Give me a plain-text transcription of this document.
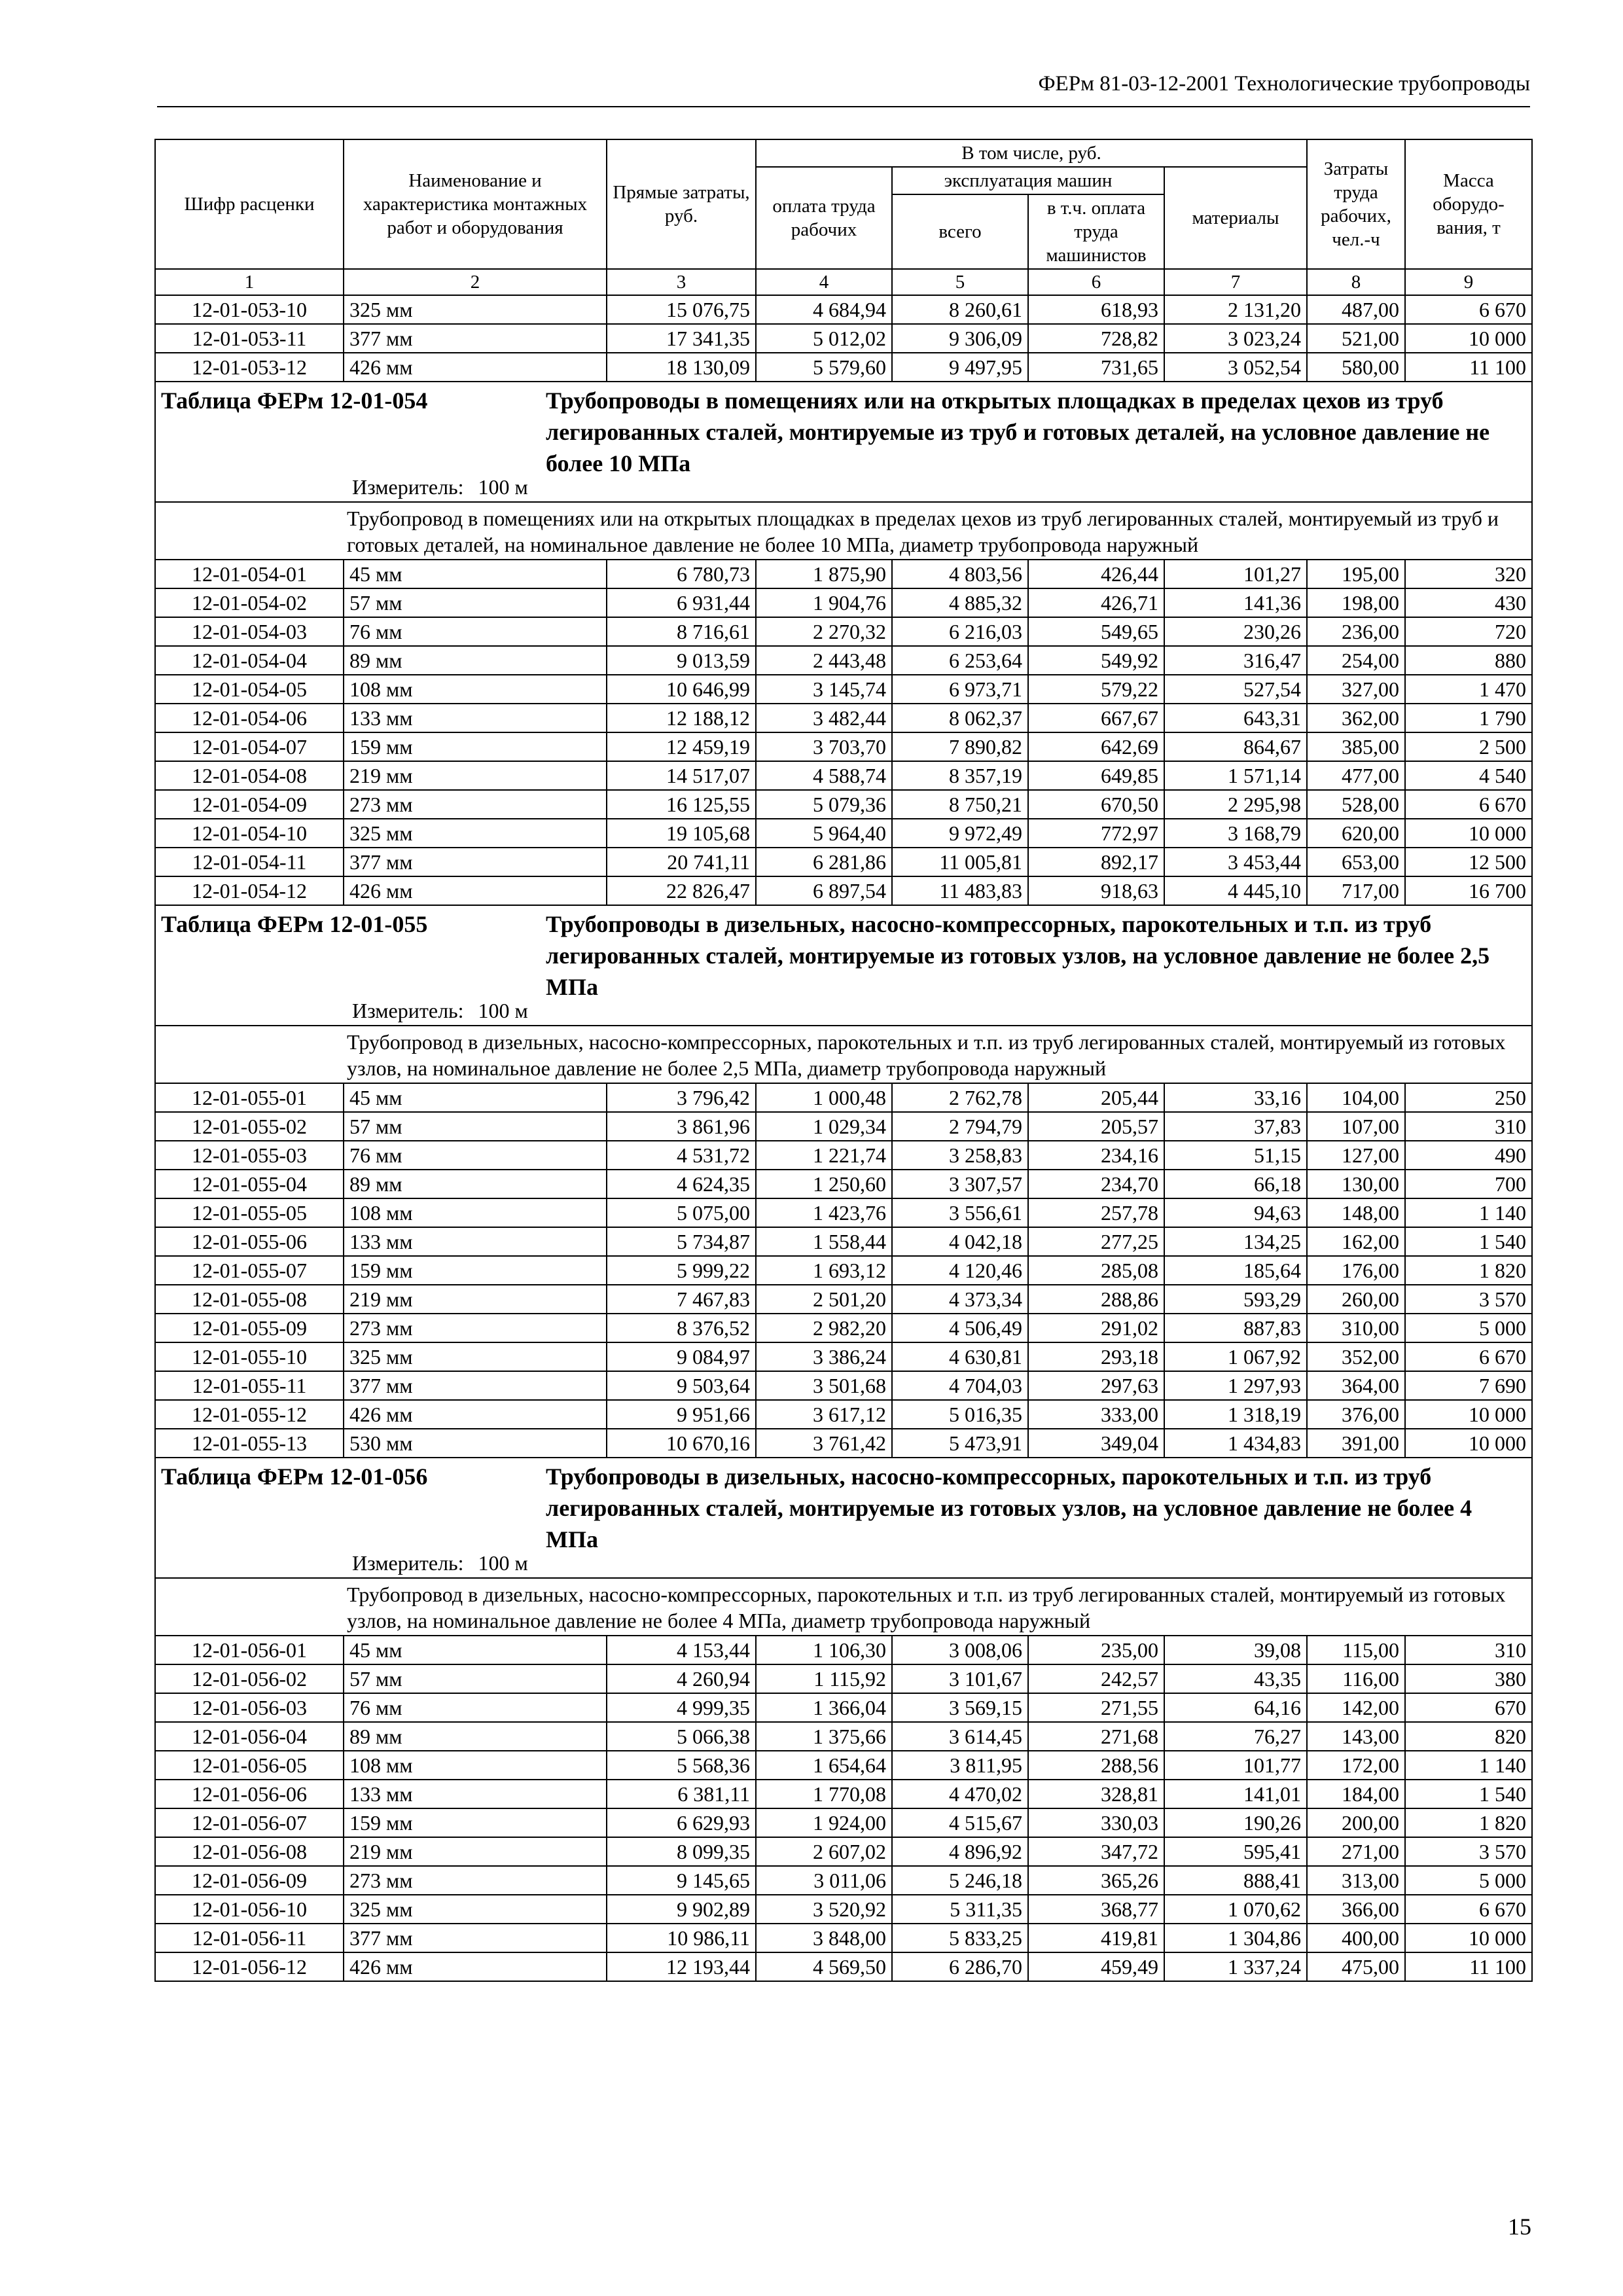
ФЕРм 81-03-12-2001 Технологические трубопроводы
Шифр расценки	Наименование и характеристика монтажных работ и оборудования	Прямые затраты, руб.	В том числе, руб.				Затраты труда рабочих, чел.-ч	Масса оборудо-вания, т
			оплата труда рабочих	эксплуатация машин		материалы		
				всего	в т.ч. оплата труда машинистов			
1	2	3	4	5	6	7	8	9
12-01-053-10	325 мм	15 076,75	4 684,94	8 260,61	618,93	2 131,20	487,00	6 670
12-01-053-11	377 мм	17 341,35	5 012,02	9 306,09	728,82	3 023,24	521,00	10 000
12-01-053-12	426 мм	18 130,09	5 579,60	9 497,95	731,65	3 052,54	580,00	11 100

Таблица ФЕРм 12-01-054 Трубопроводы в помещениях или на открытых площадках в пределах цехов из труб легированных сталей, монтируемые из труб и готовых деталей, на условное давление не более 10 МПа
Измеритель: 100 м								

Трубопровод в помещениях или на открытых площадках в пределах цехов из труб легированных сталей, монтируемый из труб и готовых деталей, на номинальное давление не более 10 МПа, диаметр трубопровода наружный								
12-01-054-01	45 мм	6 780,73	1 875,90	4 803,56	426,44	101,27	195,00	320
12-01-054-02	57 мм	6 931,44	1 904,76	4 885,32	426,71	141,36	198,00	430
12-01-054-03	76 мм	8 716,61	2 270,32	6 216,03	549,65	230,26	236,00	720
12-01-054-04	89 мм	9 013,59	2 443,48	6 253,64	549,92	316,47	254,00	880
12-01-054-05	108 мм	10 646,99	3 145,74	6 973,71	579,22	527,54	327,00	1 470
12-01-054-06	133 мм	12 188,12	3 482,44	8 062,37	667,67	643,31	362,00	1 790
12-01-054-07	159 мм	12 459,19	3 703,70	7 890,82	642,69	864,67	385,00	2 500
12-01-054-08	219 мм	14 517,07	4 588,74	8 357,19	649,85	1 571,14	477,00	4 540
12-01-054-09	273 мм	16 125,55	5 079,36	8 750,21	670,50	2 295,98	528,00	6 670
12-01-054-10	325 мм	19 105,68	5 964,40	9 972,49	772,97	3 168,79	620,00	10 000
12-01-054-11	377 мм	20 741,11	6 281,86	11 005,81	892,17	3 453,44	653,00	12 500
12-01-054-12	426 мм	22 826,47	6 897,54	11 483,83	918,63	4 445,10	717,00	16 700

Таблица ФЕРм 12-01-055 Трубопроводы в дизельных, насосно-компрессорных, парокотельных и т.п. из труб легированных сталей, монтируемые из готовых узлов, на условное давление не более 2,5 МПа
Измеритель: 100 м								

Трубопровод в дизельных, насосно-компрессорных, парокотельных и т.п. из труб легированных сталей, монтируемый из готовых узлов, на номинальное давление не более 2,5 МПа, диаметр трубопровода наружный								
12-01-055-01	45 мм	3 796,42	1 000,48	2 762,78	205,44	33,16	104,00	250
12-01-055-02	57 мм	3 861,96	1 029,34	2 794,79	205,57	37,83	107,00	310
12-01-055-03	76 мм	4 531,72	1 221,74	3 258,83	234,16	51,15	127,00	490
12-01-055-04	89 мм	4 624,35	1 250,60	3 307,57	234,70	66,18	130,00	700
12-01-055-05	108 мм	5 075,00	1 423,76	3 556,61	257,78	94,63	148,00	1 140
12-01-055-06	133 мм	5 734,87	1 558,44	4 042,18	277,25	134,25	162,00	1 540
12-01-055-07	159 мм	5 999,22	1 693,12	4 120,46	285,08	185,64	176,00	1 820
12-01-055-08	219 мм	7 467,83	2 501,20	4 373,34	288,86	593,29	260,00	3 570
12-01-055-09	273 мм	8 376,52	2 982,20	4 506,49	291,02	887,83	310,00	5 000
12-01-055-10	325 мм	9 084,97	3 386,24	4 630,81	293,18	1 067,92	352,00	6 670
12-01-055-11	377 мм	9 503,64	3 501,68	4 704,03	297,63	1 297,93	364,00	7 690
12-01-055-12	426 мм	9 951,66	3 617,12	5 016,35	333,00	1 318,19	376,00	10 000
12-01-055-13	530 мм	10 670,16	3 761,42	5 473,91	349,04	1 434,83	391,00	10 000

Таблица ФЕРм 12-01-056 Трубопроводы в дизельных, насосно-компрессорных, парокотельных и т.п. из труб легированных сталей, монтируемые из готовых узлов, на условное давление не более 4 МПа
Измеритель: 100 м								

Трубопровод в дизельных, насосно-компрессорных, парокотельных и т.п. из труб легированных сталей, монтируемый из готовых узлов, на номинальное давление не более 4 МПа, диаметр трубопровода наружный								
12-01-056-01	45 мм	4 153,44	1 106,30	3 008,06	235,00	39,08	115,00	310
12-01-056-02	57 мм	4 260,94	1 115,92	3 101,67	242,57	43,35	116,00	380
12-01-056-03	76 мм	4 999,35	1 366,04	3 569,15	271,55	64,16	142,00	670
12-01-056-04	89 мм	5 066,38	1 375,66	3 614,45	271,68	76,27	143,00	820
12-01-056-05	108 мм	5 568,36	1 654,64	3 811,95	288,56	101,77	172,00	1 140
12-01-056-06	133 мм	6 381,11	1 770,08	4 470,02	328,81	141,01	184,00	1 540
12-01-056-07	159 мм	6 629,93	1 924,00	4 515,67	330,03	190,26	200,00	1 820
12-01-056-08	219 мм	8 099,35	2 607,02	4 896,92	347,72	595,41	271,00	3 570
12-01-056-09	273 мм	9 145,65	3 011,06	5 246,18	365,26	888,41	313,00	5 000
12-01-056-10	325 мм	9 902,89	3 520,92	5 311,35	368,77	1 070,62	366,00	6 670
12-01-056-11	377 мм	10 986,11	3 848,00	5 833,25	419,81	1 304,86	400,00	10 000
12-01-056-12	426 мм	12 193,44	4 569,50	6 286,70	459,49	1 337,24	475,00	11 100
15
